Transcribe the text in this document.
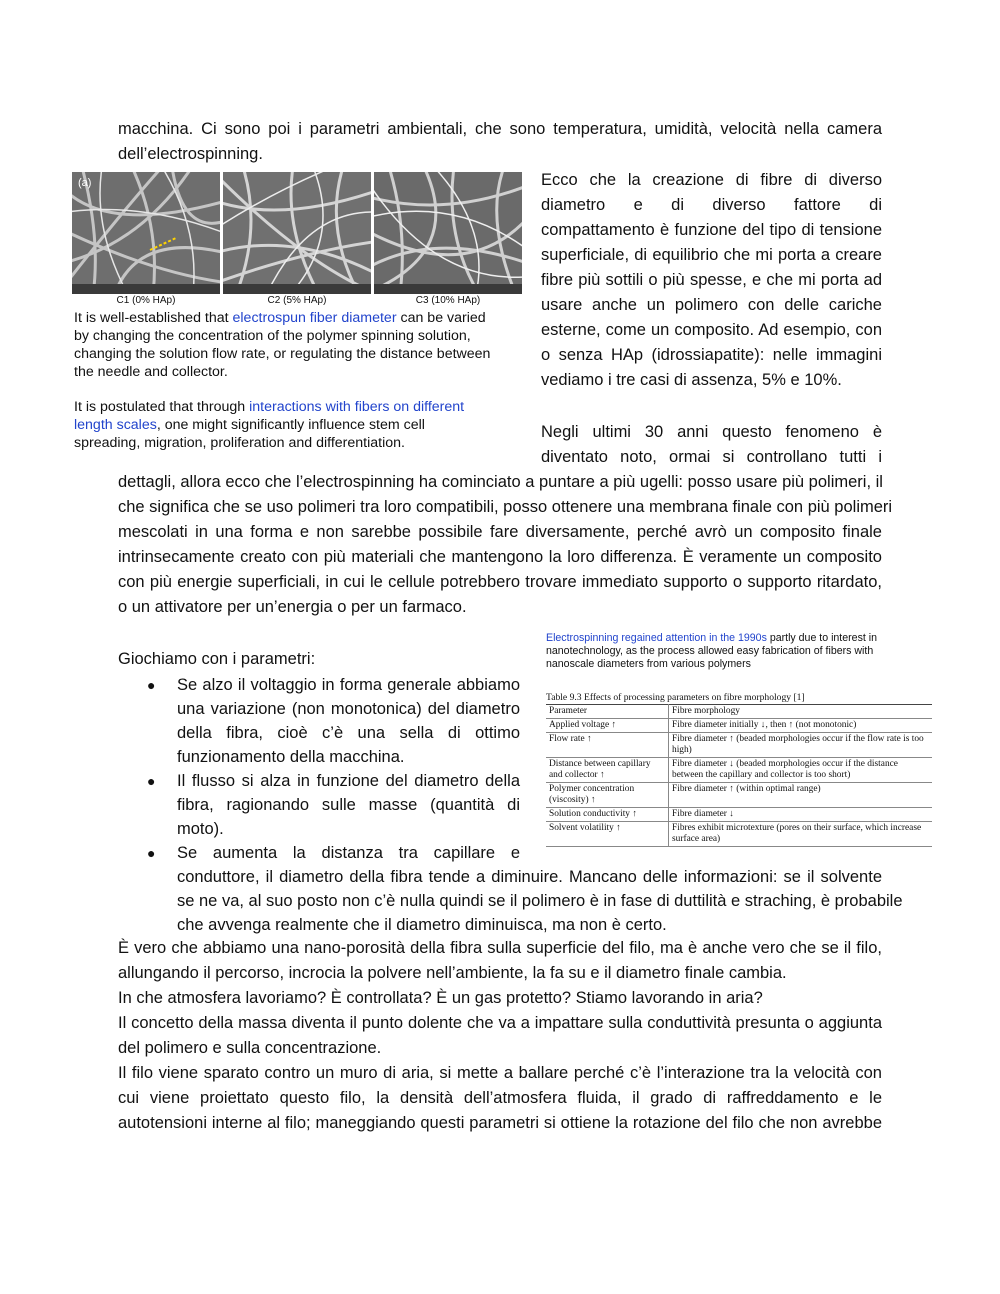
macchina. Ci sono poi i parametri ambientali, che sono temperatura, umidità, velocità nella camera
dell’electrospinning.
(a)
C1 (0% HAp)	C2 (5% HAp)	C3 (10% HAp)
It is well-established that electrospun fiber diameter can be varied
by changing the concentration of the polymer spinning solution,
changing the solution flow rate, or regulating the distance between
the needle and collector.
It is postulated that through interactions with fibers on different
length scales, one might significantly influence stem cell
spreading, migration, proliferation and differentiation.
Ecco che la creazione di fibre di diverso
diametro e di diverso fattore di
compattamento è funzione del tipo di tensione
superficiale, di equilibrio che mi porta a creare
fibre più sottili o più spesse, e che mi porta ad
usare anche un polimero con delle cariche
esterne, come un composito. Ad esempio, con
o senza HAp (idrossiapatite): nelle immagini
vediamo i tre casi di assenza, 5% e 10%.
Negli ultimi 30 anni questo fenomeno è
diventato noto, ormai si controllano tutti i
dettagli, allora ecco che l’electrospinning ha cominciato a puntare a più ugelli: posso usare più polimeri, il
che significa che se uso polimeri tra loro compatibili, posso ottenere una membrana finale con più polimeri
mescolati in una forma e non sarebbe possibile fare diversamente, perché avrò un composito finale
intrinsecamente creato con più materiali che mantengono la loro differenza. È veramente un composito
con più energie superficiali, in cui le cellule potrebbero trovare immediato supporto o supporto ritardato,
o un attivatore per un’energia o per un farmaco.
Electrospinning regained attention in the 1990s partly due to interest in
nanotechnology, as the process allowed easy fabrication of fibers with
nanoscale diameters from various polymers
Table 9.3 Effects of processing parameters on fibre morphology [1]
Parameter	Fibre morphology
Applied voltage ↑	Fibre diameter initially ↓, then ↑ (not monotonic)
Flow rate ↑	Fibre diameter ↑ (beaded morphologies occur if the flow rate is too high)
Distance between capillary and collector ↑	Fibre diameter ↓ (beaded morphologies occur if the distance between the capillary and collector is too short)
Polymer concentration (viscosity) ↑	Fibre diameter ↑ (within optimal range)
Solution conductivity ↑	Fibre diameter ↓
Solvent volatility ↑	Fibres exhibit microtexture (pores on their surface, which increase surface area)
Giochiamo con i parametri:
● Se alzo il voltaggio in forma generale abbiamo
una variazione (non monotonica) del diametro
della fibra, cioè c’è una sella di ottimo
funzionamento della macchina.
● Il flusso si alza in funzione del diametro della
fibra, ragionando sulle masse (quantità di
moto).
● Se aumenta la distanza tra capillare e
conduttore, il diametro della fibra tende a diminuire. Mancano delle informazioni: se il solvente
se ne va, al suo posto non c’è nulla quindi se il polimero è in fase di duttilità e straching, è probabile
che avvenga realmente che il diametro diminuisca, ma non è certo.
È vero che abbiamo una nano-porosità della fibra sulla superficie del filo, ma è anche vero che se il filo,
allungando il percorso, incrocia la polvere nell’ambiente, la fa su e il diametro finale cambia.
In che atmosfera lavoriamo? È controllata? È un gas protetto? Stiamo lavorando in aria?
Il concetto della massa diventa il punto dolente che va a impattare sulla conduttività presunta o aggiunta
del polimero e sulla concentrazione.
Il filo viene sparato contro un muro di aria, si mette a ballare perché c’è l’interazione tra la velocità con
cui viene proiettato questo filo, la densità dell’atmosfera fluida, il grado di raffreddamento e le
autotensioni interne al filo; maneggiando questi parametri si ottiene la rotazione del filo che non avrebbe
